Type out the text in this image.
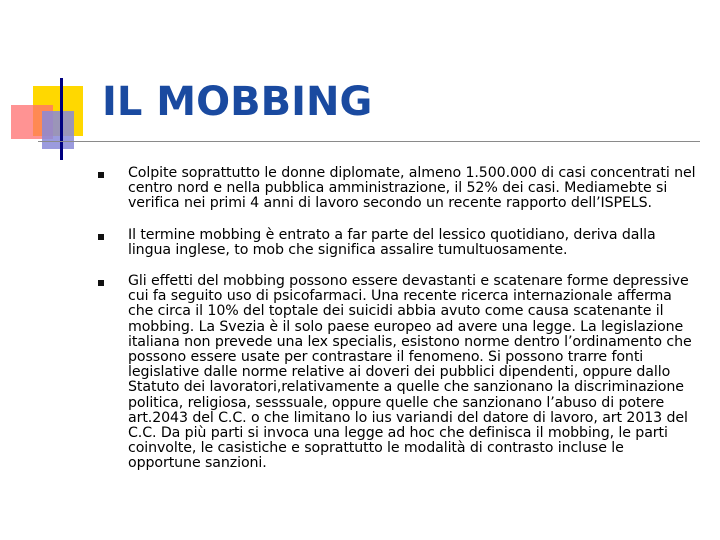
IL MOBBING
Colpite soprattutto le donne diplomate, almeno 1.500.000 di casi concentrati nel centro nord e nella pubblica amministrazione, il 52% dei casi. Mediamebte si verifica nei primi 4 anni di lavoro secondo un recente rapporto dell’ISPELS.
Il termine mobbing è entrato a far parte del lessico quotidiano, deriva dalla lingua inglese, to mob che significa assalire tumultuosamente.
Gli effetti del mobbing possono essere devastanti e scatenare forme depressive cui fa seguito uso di psicofarmaci. Una recente ricerca internazionale afferma che circa il 10% del toptale dei suicidi abbia avuto come causa scatenante il mobbing. La Svezia è il solo paese europeo ad avere una legge. La legislazione italiana non prevede una lex specialis, esistono norme dentro l’ordinamento che possono essere usate per contrastare il fenomeno. Si possono trarre fonti legislative dalle norme relative ai doveri dei pubblici dipendenti, oppure dallo Statuto dei lavoratori,relativamente a quelle che sanzionano la discriminazione politica, religiosa, sesssuale, oppure quelle che sanzionano l’abuso di potere art.2043 del C.C. o che limitano lo ius variandi del datore di lavoro, art 2013 del C.C. Da più parti si invoca una legge ad hoc che definisca il mobbing, le parti coinvolte, le casistiche e soprattutto le modalità di contrasto incluse le opportune sanzioni.
